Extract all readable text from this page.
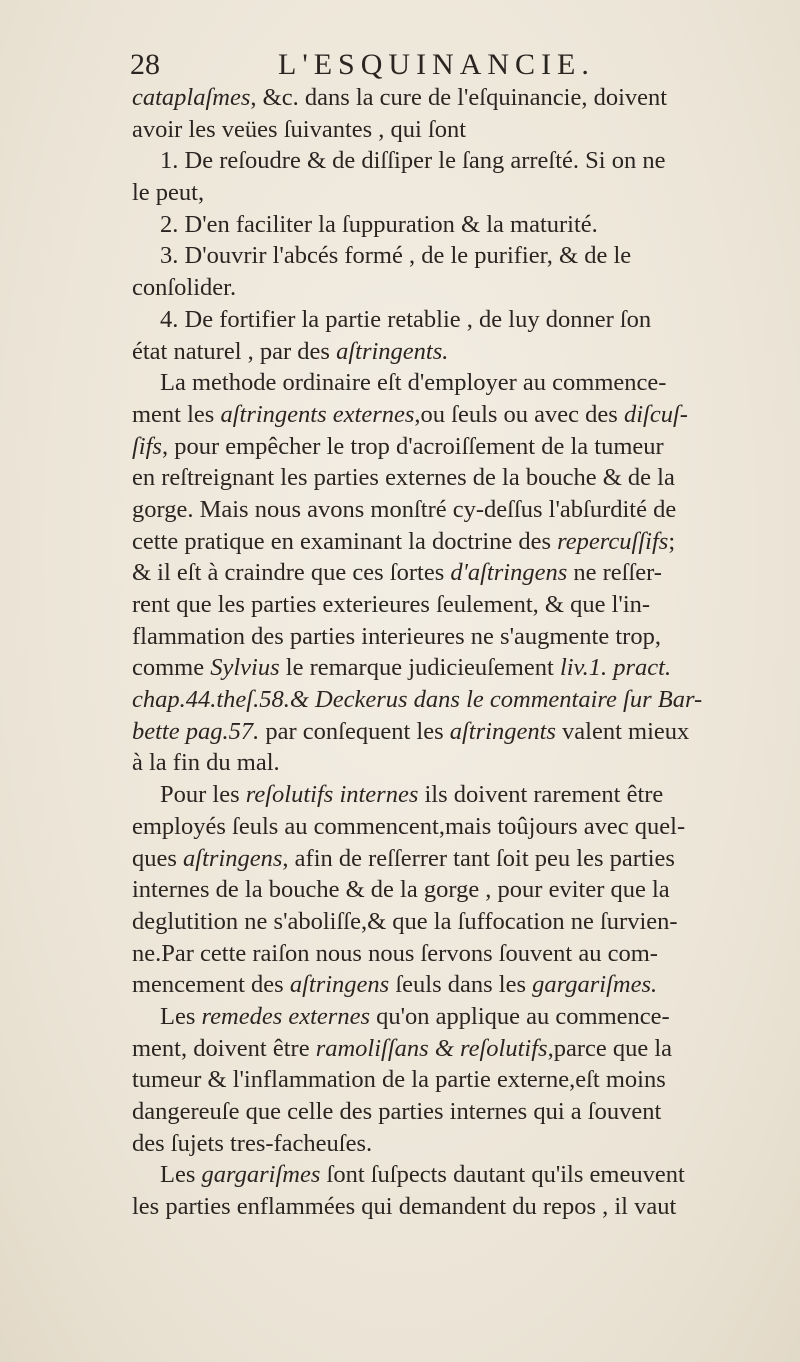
28	L'ESQUINANCIE.
cataplaſmes, &c. dans la cure de l'eſquinancie, doivent
avoir les veües ſuivantes , qui ſont
1. De reſoudre & de diſſiper le ſang arreſté. Si on ne
le peut,
2. D'en faciliter la ſuppuration & la maturité.
3. D'ouvrir l'abcés formé , de le purifier, & de le
conſolider.
4. De fortifier la partie retablie , de luy donner ſon
état naturel , par des aſtringents.
La methode ordinaire eſt d'employer au commence-
ment les aſtringents externes,ou ſeuls ou avec des diſcuſ-
ſifs, pour empêcher le trop d'acroiſſement de la tumeur
en reſtreignant les parties externes de la bouche & de la
gorge. Mais nous avons monſtré cy-deſſus l'abſurdité de
cette pratique en examinant la doctrine des repercuſſifs;
& il eſt à craindre que ces ſortes d'aſtringens ne reſſer-
rent que les parties exterieures ſeulement, & que l'in-
flammation des parties interieures ne s'augmente trop,
comme Sylvius le remarque judicieuſement liv.1. pract.
chap.44.theſ.58.& Deckerus dans le commentaire ſur Bar-
bette pag.57. par conſequent les aſtringents valent mieux
à la fin du mal.
Pour les reſolutifs internes ils doivent rarement être
employés ſeuls au commencent,mais toûjours avec quel-
ques aſtringens, afin de reſſerrer tant ſoit peu les parties
internes de la bouche & de la gorge , pour eviter que la
deglutition ne s'aboliſſe,& que la ſuffocation ne ſurvien-
ne.Par cette raiſon nous nous ſervons ſouvent au com-
mencement des aſtringens ſeuls dans les gargariſmes.
Les remedes externes qu'on applique au commence-
ment, doivent être ramoliſſans & reſolutifs,parce que la
tumeur & l'inflammation de la partie externe,eſt moins
dangereuſe que celle des parties internes qui a ſouvent
des ſujets tres-facheuſes.
Les gargariſmes ſont ſuſpects dautant qu'ils emeuvent
les parties enflammées qui demandent du repos , il vaut
